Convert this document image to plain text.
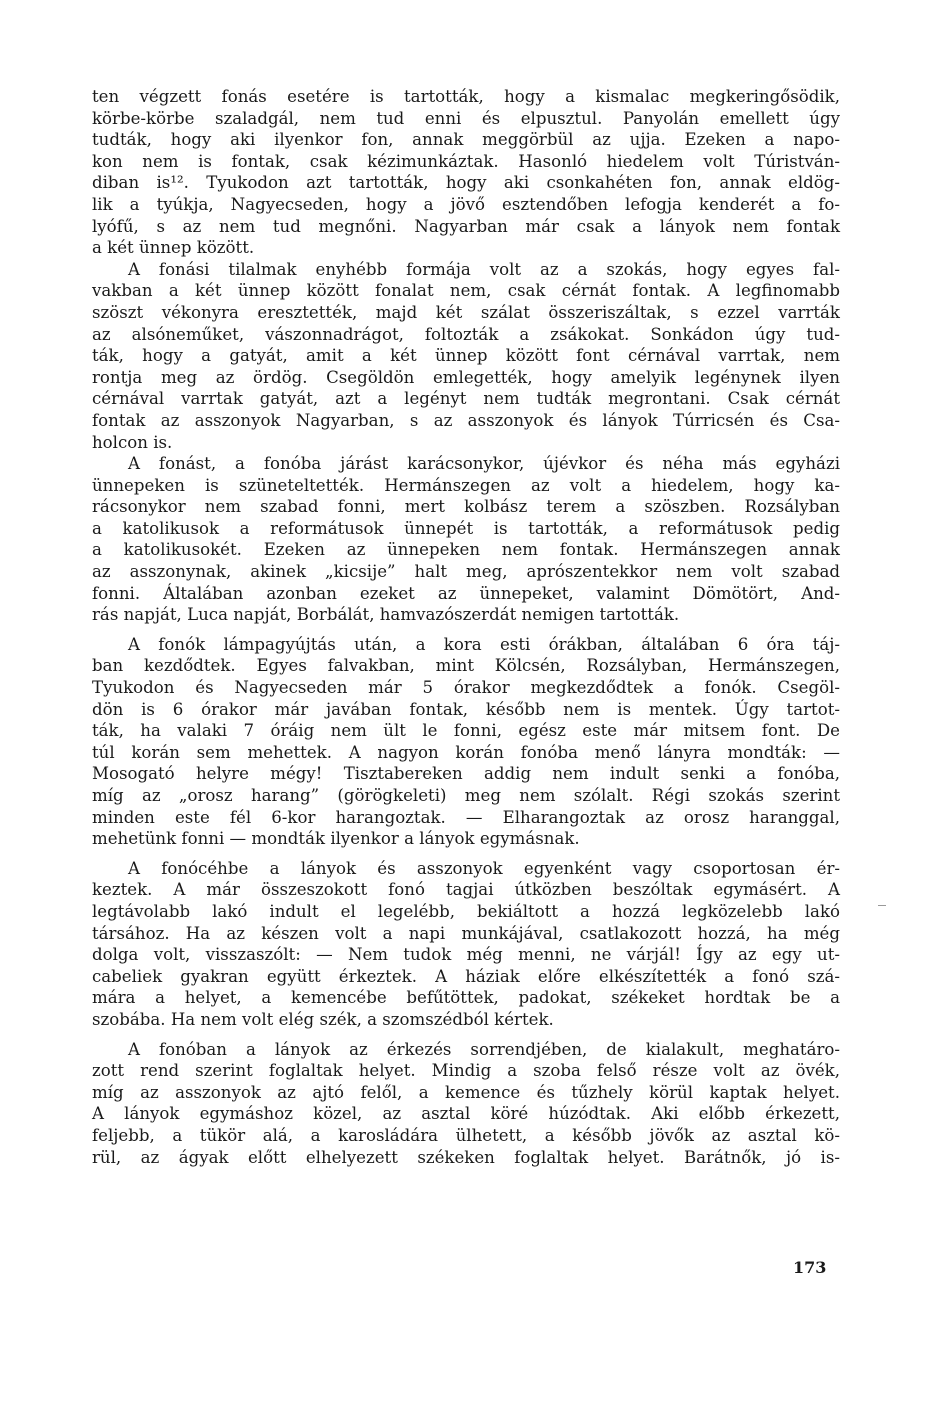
ten végzett fonás esetére is tartották, hogy a kismalac megkeringősödik,
körbe-körbe szaladgál, nem tud enni és elpusztul. Panyolán emellett úgy
tudták, hogy aki ilyenkor fon, annak meggörbül az ujja. Ezeken a napo-
kon nem is fontak, csak kézimunkáztak. Hasonló hiedelem volt Túristván-
diban is¹². Tyukodon azt tartották, hogy aki csonkahéten fon, annak eldög-
lik a tyúkja, Nagyecseden, hogy a jövő esztendőben lefogja kenderét a fo-
lyófű, s az nem tud megnőni. Nagyarban már csak a lányok nem fontak
a két ünnep között.
A fonási tilalmak enyhébb formája volt az a szokás, hogy egyes fal-
vakban a két ünnep között fonalat nem, csak cérnát fontak. A legfinomabb
szöszt vékonyra eresztették, majd két szálat összeriszáltak, s ezzel varrták
az alsóneműket, vászonnadrágot, foltozták a zsákokat. Sonkádon úgy tud-
ták, hogy a gatyát, amit a két ünnep között font cérnával varrtak, nem
rontja meg az ördög. Csegöldön emlegették, hogy amelyik legénynek ilyen
cérnával varrtak gatyát, azt a legényt nem tudták megrontani. Csak cérnát
fontak az asszonyok Nagyarban, s az asszonyok és lányok Túrricsén és Csa-
holcon is.
A fonást, a fonóba járást karácsonykor, újévkor és néha más egyházi
ünnepeken is szüneteltették. Hermánszegen az volt a hiedelem, hogy ka-
rácsonykor nem szabad fonni, mert kolbász terem a szöszben. Rozsályban
a katolikusok a reformátusok ünnepét is tartották, a reformátusok pedig
a katolikusokét. Ezeken az ünnepeken nem fontak. Hermánszegen annak
az asszonynak, akinek „kicsije” halt meg, aprószentekkor nem volt szabad
fonni. Általában azonban ezeket az ünnepeket, valamint Dömötört, And-
rás napját, Luca napját, Borbálát, hamvazószerdát nemigen tartották.
A fonók lámpagyújtás után, a kora esti órákban, általában 6 óra táj-
ban kezdődtek. Egyes falvakban, mint Kölcsén, Rozsályban, Hermánszegen,
Tyukodon és Nagyecseden már 5 órakor megkezdődtek a fonók. Csegöl-
dön is 6 órakor már javában fontak, később nem is mentek. Úgy tartot-
ták, ha valaki 7 óráig nem ült le fonni, egész este már mitsem font. De
túl korán sem mehettek. A nagyon korán fonóba menő lányra mondták: —
Mosogató helyre mégy! Tisztabereken addig nem indult senki a fonóba,
míg az „orosz harang” (görögkeleti) meg nem szólalt. Régi szokás szerint
minden este fél 6-kor harangoztak. — Elharangoztak az orosz haranggal,
mehetünk fonni — mondták ilyenkor a lányok egymásnak.
A fonócéhbe a lányok és asszonyok egyenként vagy csoportosan ér-
keztek. A már összeszokott fonó tagjai útközben beszóltak egymásért. A
legtávolabb lakó indult el legelébb, bekiáltott a hozzá legközelebb lakó
társához. Ha az készen volt a napi munkájával, csatlakozott hozzá, ha még
dolga volt, visszaszólt: — Nem tudok még menni, ne várjál! Így az egy ut-
cabeliek gyakran együtt érkeztek. A háziak előre elkészítették a fonó szá-
mára a helyet, a kemencébe befűtöttek, padokat, székeket hordtak be a
szobába. Ha nem volt elég szék, a szomszédból kértek.
A fonóban a lányok az érkezés sorrendjében, de kialakult, meghatáro-
zott rend szerint foglaltak helyet. Mindig a szoba felső része volt az övék,
míg az asszonyok az ajtó felől, a kemence és tűzhely körül kaptak helyet.
A lányok egymáshoz közel, az asztal köré húzódtak. Aki előbb érkezett,
feljebb, a tükör alá, a karosládára ülhetett, a később jövők az asztal kö-
rül, az ágyak előtt elhelyezett székeken foglaltak helyet. Barátnők, jó is-
173
